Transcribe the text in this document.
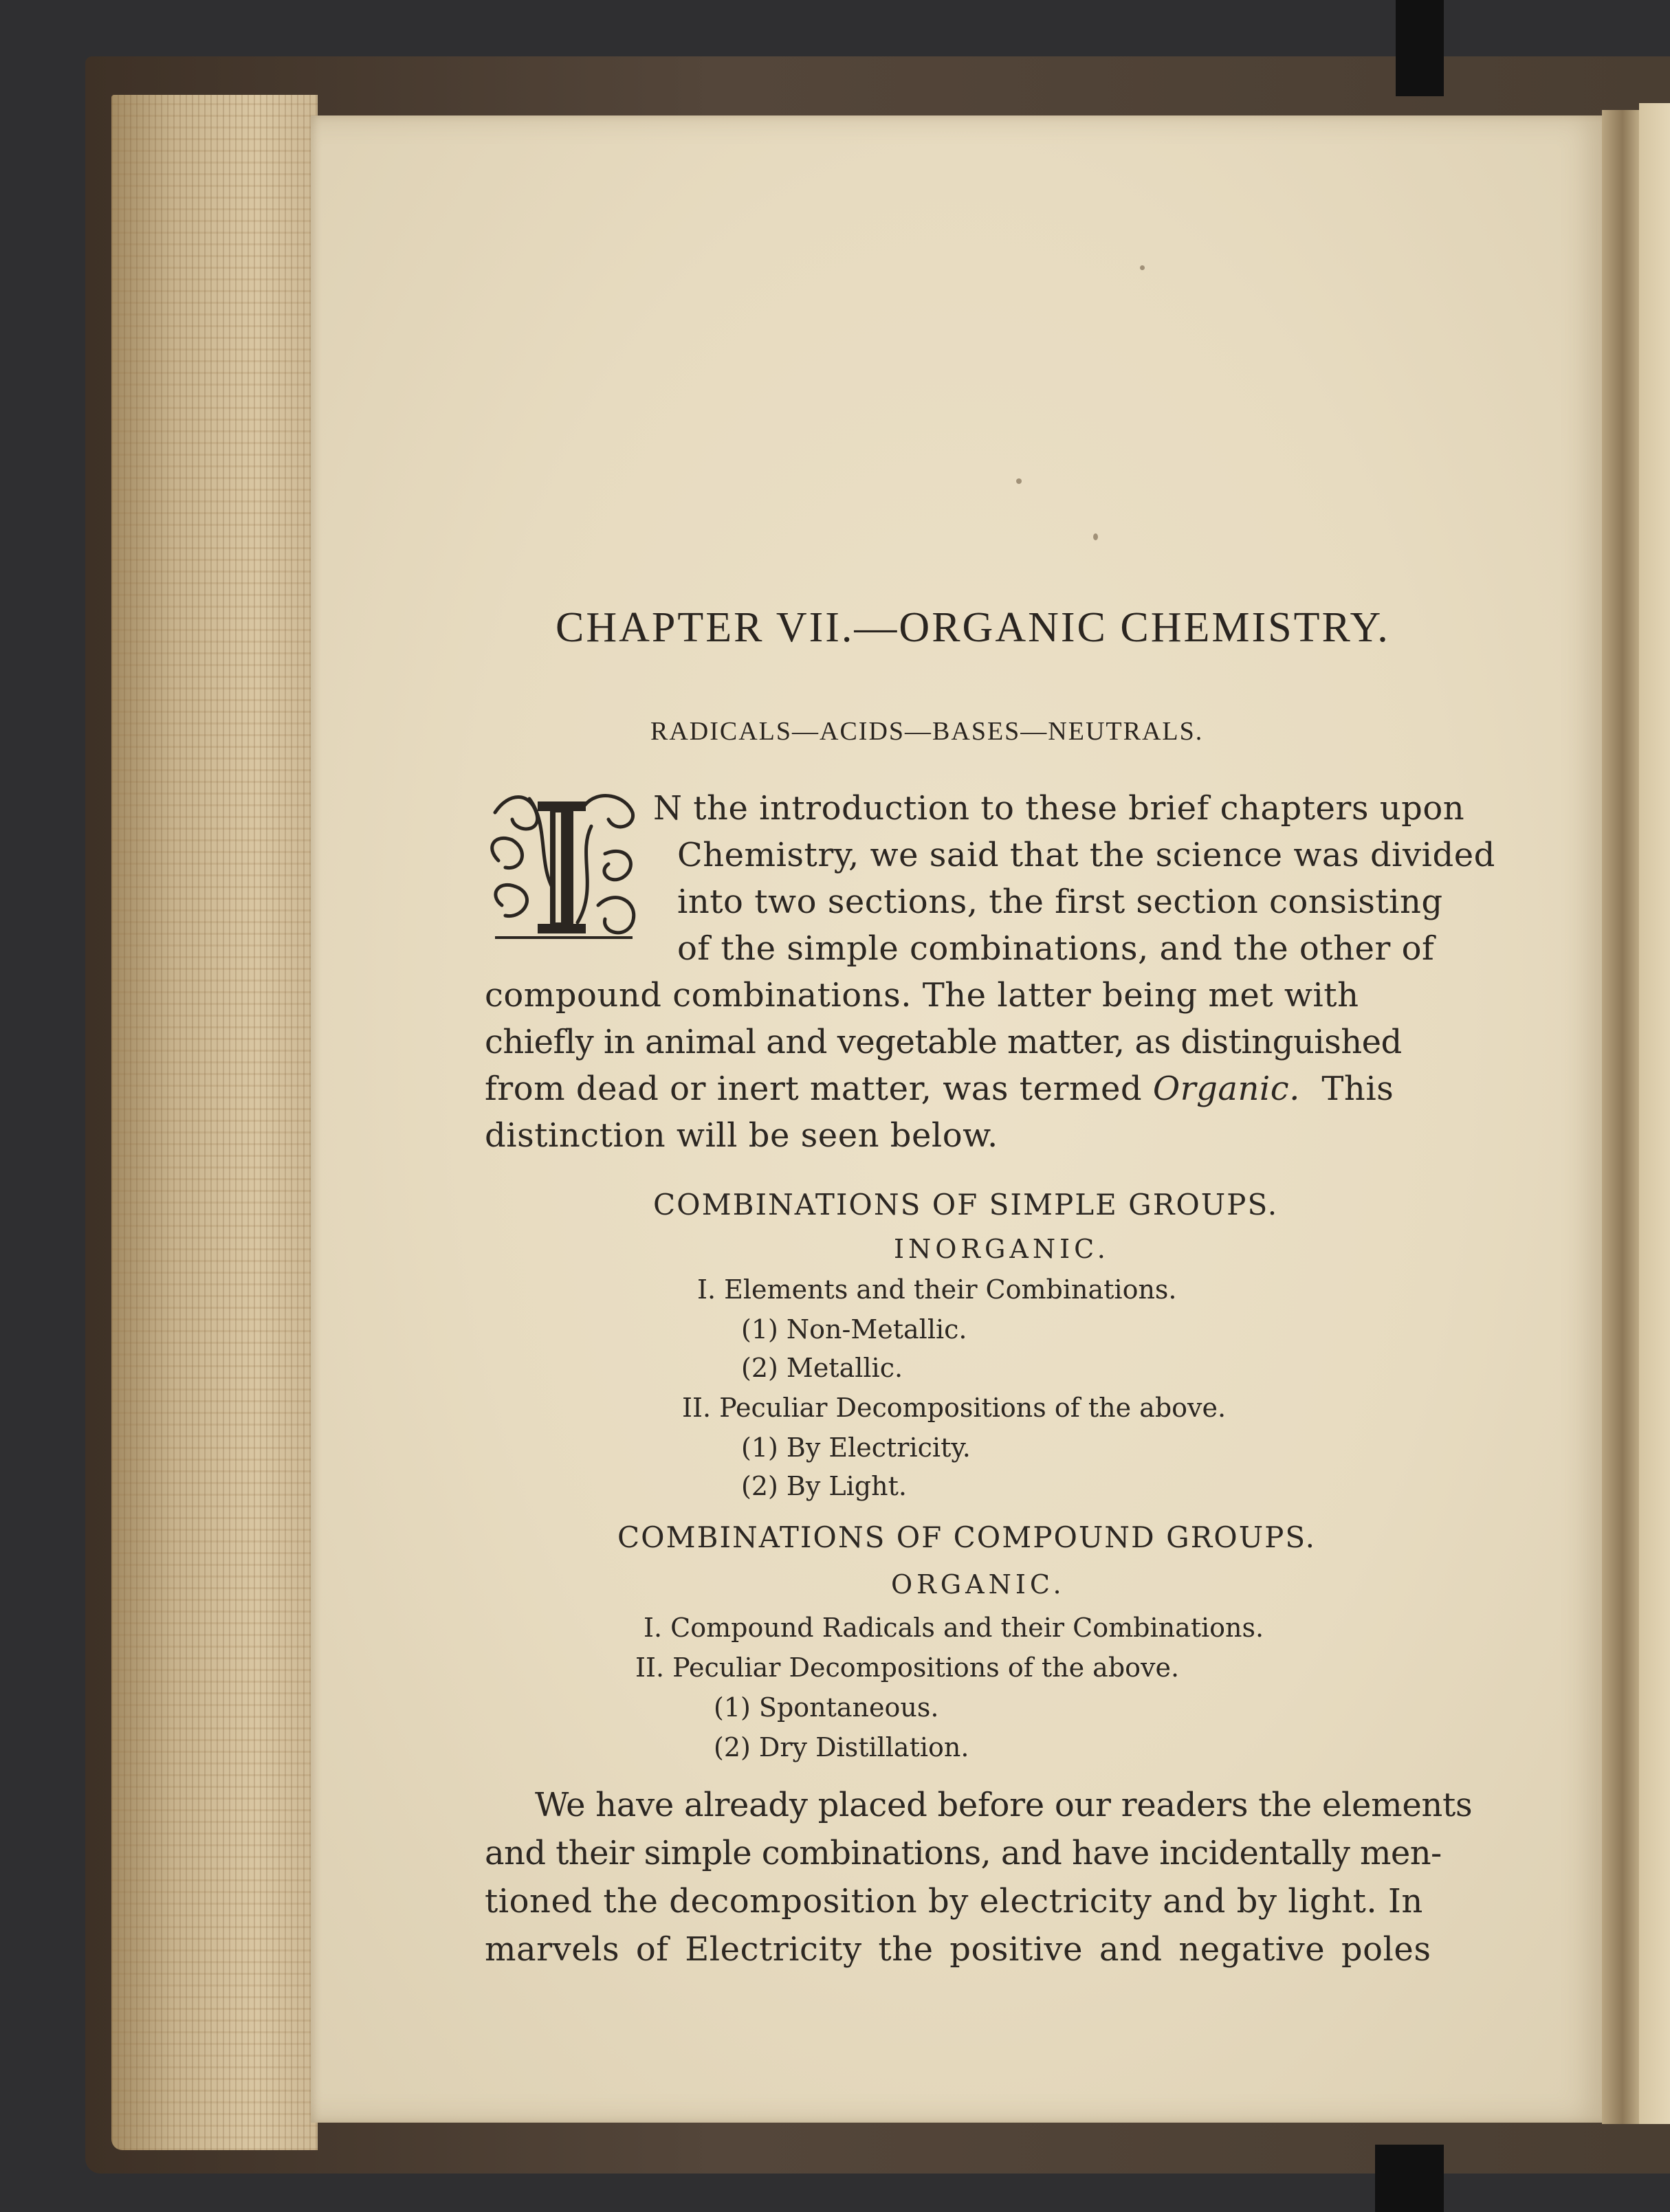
CHAPTER VII.—ORGANIC CHEMISTRY.
RADICALS—ACIDS—BASES—NEUTRALS.
N the introduction to these brief chapters upon
Chemistry, we said that the science was divided
into two sections, the first section consisting
of the simple combinations, and the other of
compound combinations. The latter being met with
chiefly in animal and vegetable matter, as distinguished
from dead or inert matter, was termed Organic. This
distinction will be seen below.
COMBINATIONS OF SIMPLE GROUPS.
INORGANIC.
I. Elements and their Combinations.
(1) Non-Metallic.
(2) Metallic.
II. Peculiar Decompositions of the above.
(1) By Electricity.
(2) By Light.
COMBINATIONS OF COMPOUND GROUPS.
ORGANIC.
I. Compound Radicals and their Combinations.
II. Peculiar Decompositions of the above.
(1) Spontaneous.
(2) Dry Distillation.
We have already placed before our readers the elements
and their simple combinations, and have incidentally men-
tioned the decomposition by electricity and by light. In
marvels of Electricity the positive and negative poles
